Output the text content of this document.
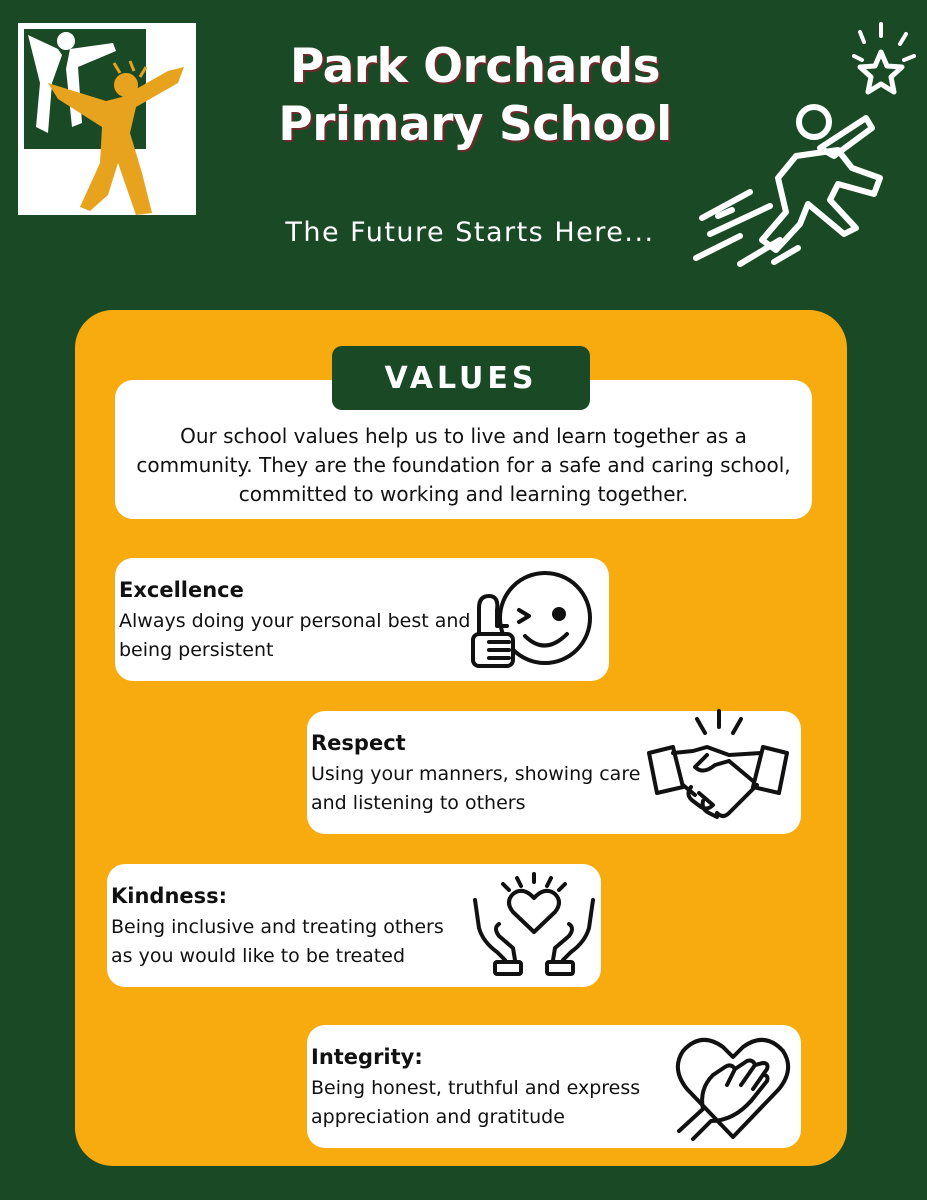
Park Orchards
Primary School
The Future Starts Here...
VALUES
Our school values help us to live and learn together as a community. They are the foundation for a safe and caring school, committed to working and learning together.
Excellence
Always doing your personal best and being persistent
Respect
Using your manners, showing care and listening to others
Kindness:
Being inclusive and treating others as you would like to be treated
Integrity:
Being honest, truthful and express appreciation and gratitude
